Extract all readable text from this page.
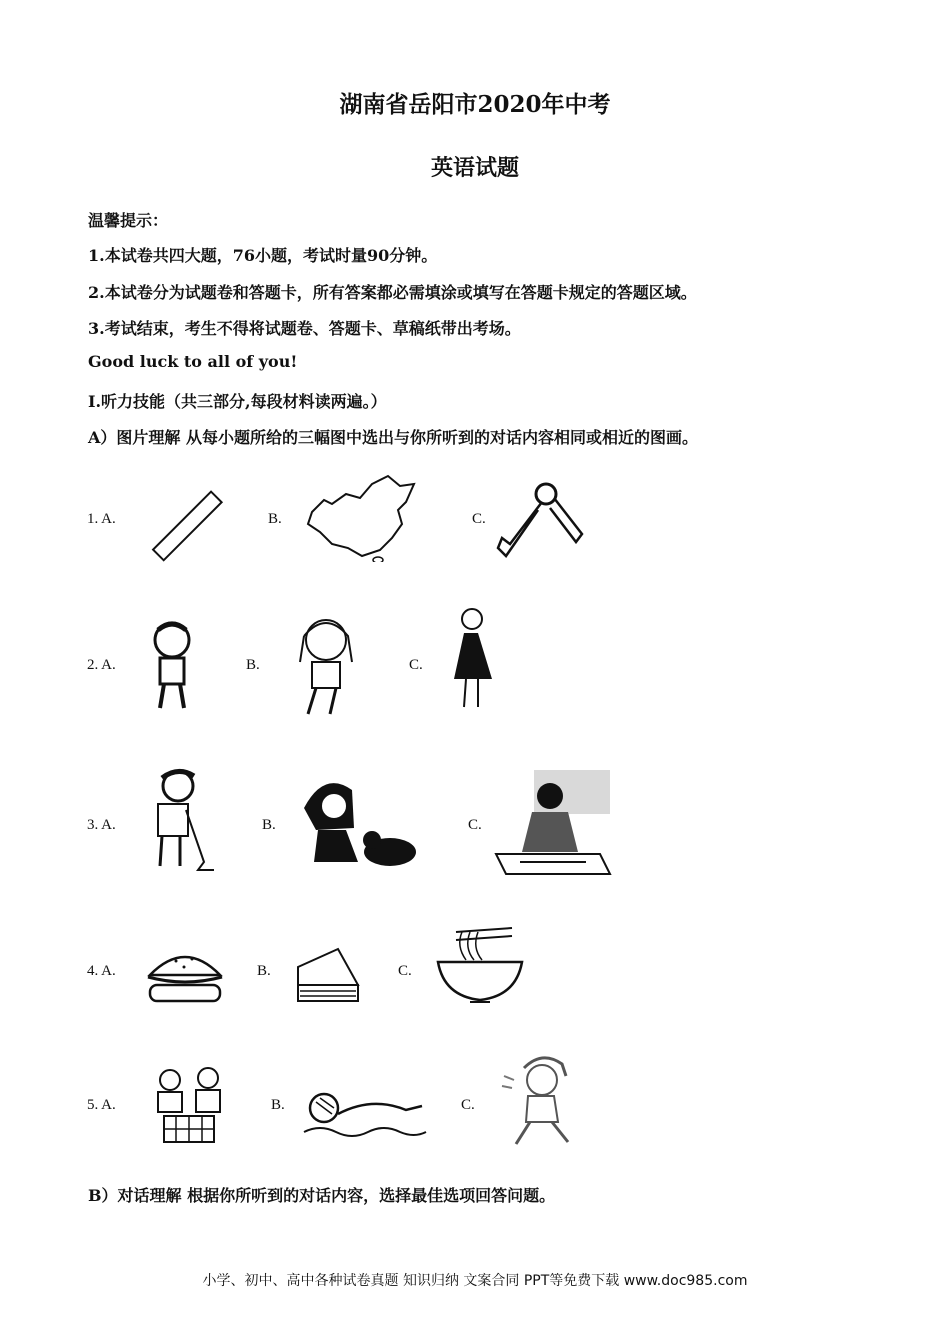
湖南省岳阳市2020年中考
英语试题
温馨提示：
1.本试卷共四大题，76小题，考试时量90分钟。
2.本试卷分为试题卷和答题卡，所有答案都必需填涂或填写在答题卡规定的答题区域。
3.考试结束，考生不得将试题卷、答题卡、草稿纸带出考场。
Good luck to all of you!
I.听力技能（共三部分,每段材料读两遍。）
A）图片理解 从每小题所给的三幅图中选出与你所听到的对话内容相同或相近的图画。
1. A.	B.	C.
2. A.	B.	C.
3. A.	B.	C.
4. A.	B.	C.
5. A.	B.	C.
B）对话理解 根据你所听到的对话内容，选择最佳选项回答问题。
小学、初中、高中各种试卷真题 知识归纳 文案合同 PPT等免费下载 www.doc985.com
